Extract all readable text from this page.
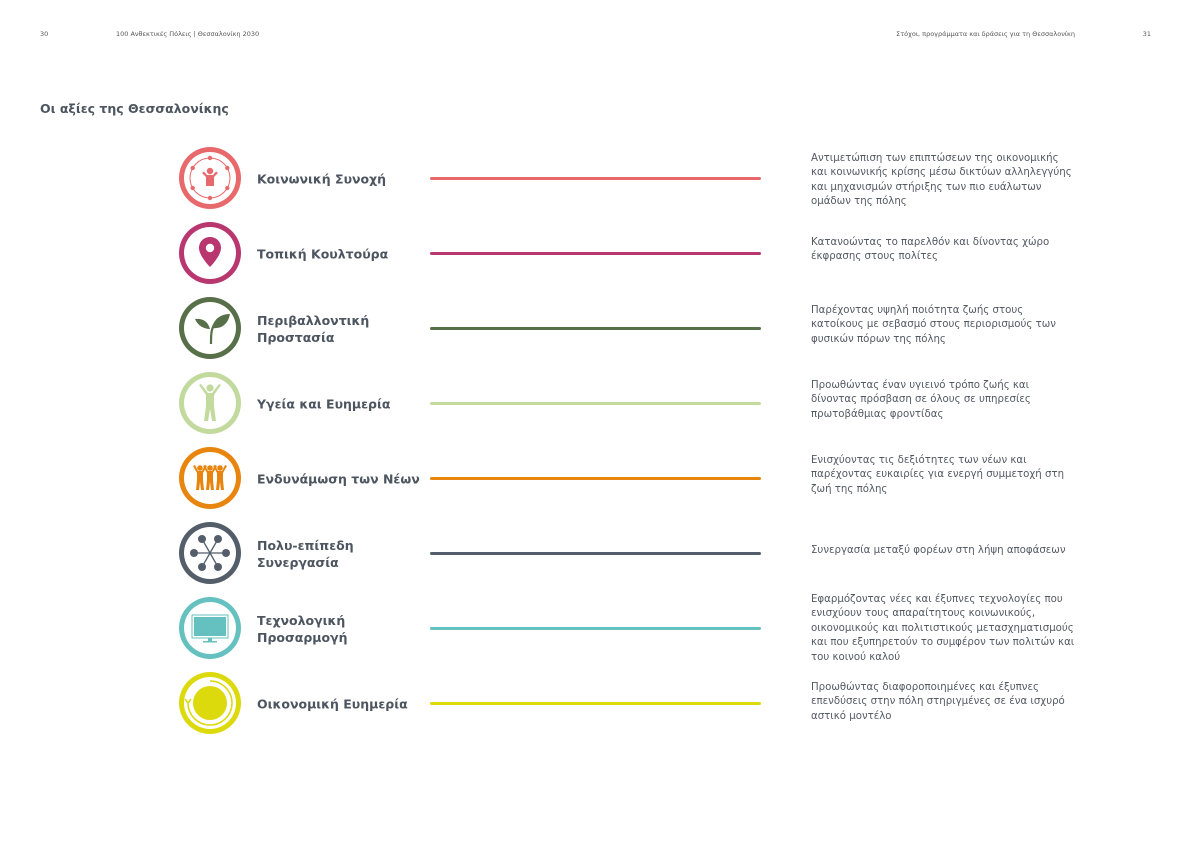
30	100 Ανθεκτικές Πόλεις | Θεσσαλονίκη 2030	Στόχοι, προγράμματα και δράσεις για τη Θεσσαλονίκη	31
Οι αξίες της Θεσσαλονίκης
Κοινωνική Συνοχή
Αντιμετώπιση των επιπτώσεων της οικονομικής και κοινωνικής κρίσης μέσω δικτύων αλληλεγγύης και μηχανισμών στήριξης των πιο ευάλωτων ομάδων της πόλης
Τοπική Κουλτούρα
Κατανοώντας το παρελθόν και δίνοντας χώρο έκφρασης στους πολίτες
Περιβαλλοντική Προστασία
Παρέχοντας υψηλή ποιότητα ζωής στους κατοίκους με σεβασμό στους περιορισμούς των φυσικών πόρων της πόλης
Υγεία και Ευημερία
Προωθώντας έναν υγιεινό τρόπο ζωής και δίνοντας πρόσβαση σε όλους σε υπηρεσίες πρωτοβάθμιας φροντίδας
Ενδυνάμωση των Νέων
Ενισχύοντας τις δεξιότητες των νέων και παρέχοντας ευκαιρίες για ενεργή συμμετοχή στη ζωή της πόλης
Πολυ-επίπεδη Συνεργασία
Συνεργασία μεταξύ φορέων στη λήψη αποφάσεων
Τεχνολογική Προσαρμογή
Εφαρμόζοντας νέες και έξυπνες τεχνολογίες που ενισχύουν τους απαραίτητους κοινωνικούς, οικονομικούς και πολιτιστικούς μετασχηματισμούς και που εξυπηρετούν το συμφέρον των πολιτών και του κοινού καλού
Οικονομική Ευημερία
Προωθώντας διαφοροποιημένες και έξυπνες επενδύσεις στην πόλη στηριγμένες σε ένα ισχυρό αστικό μοντέλο
